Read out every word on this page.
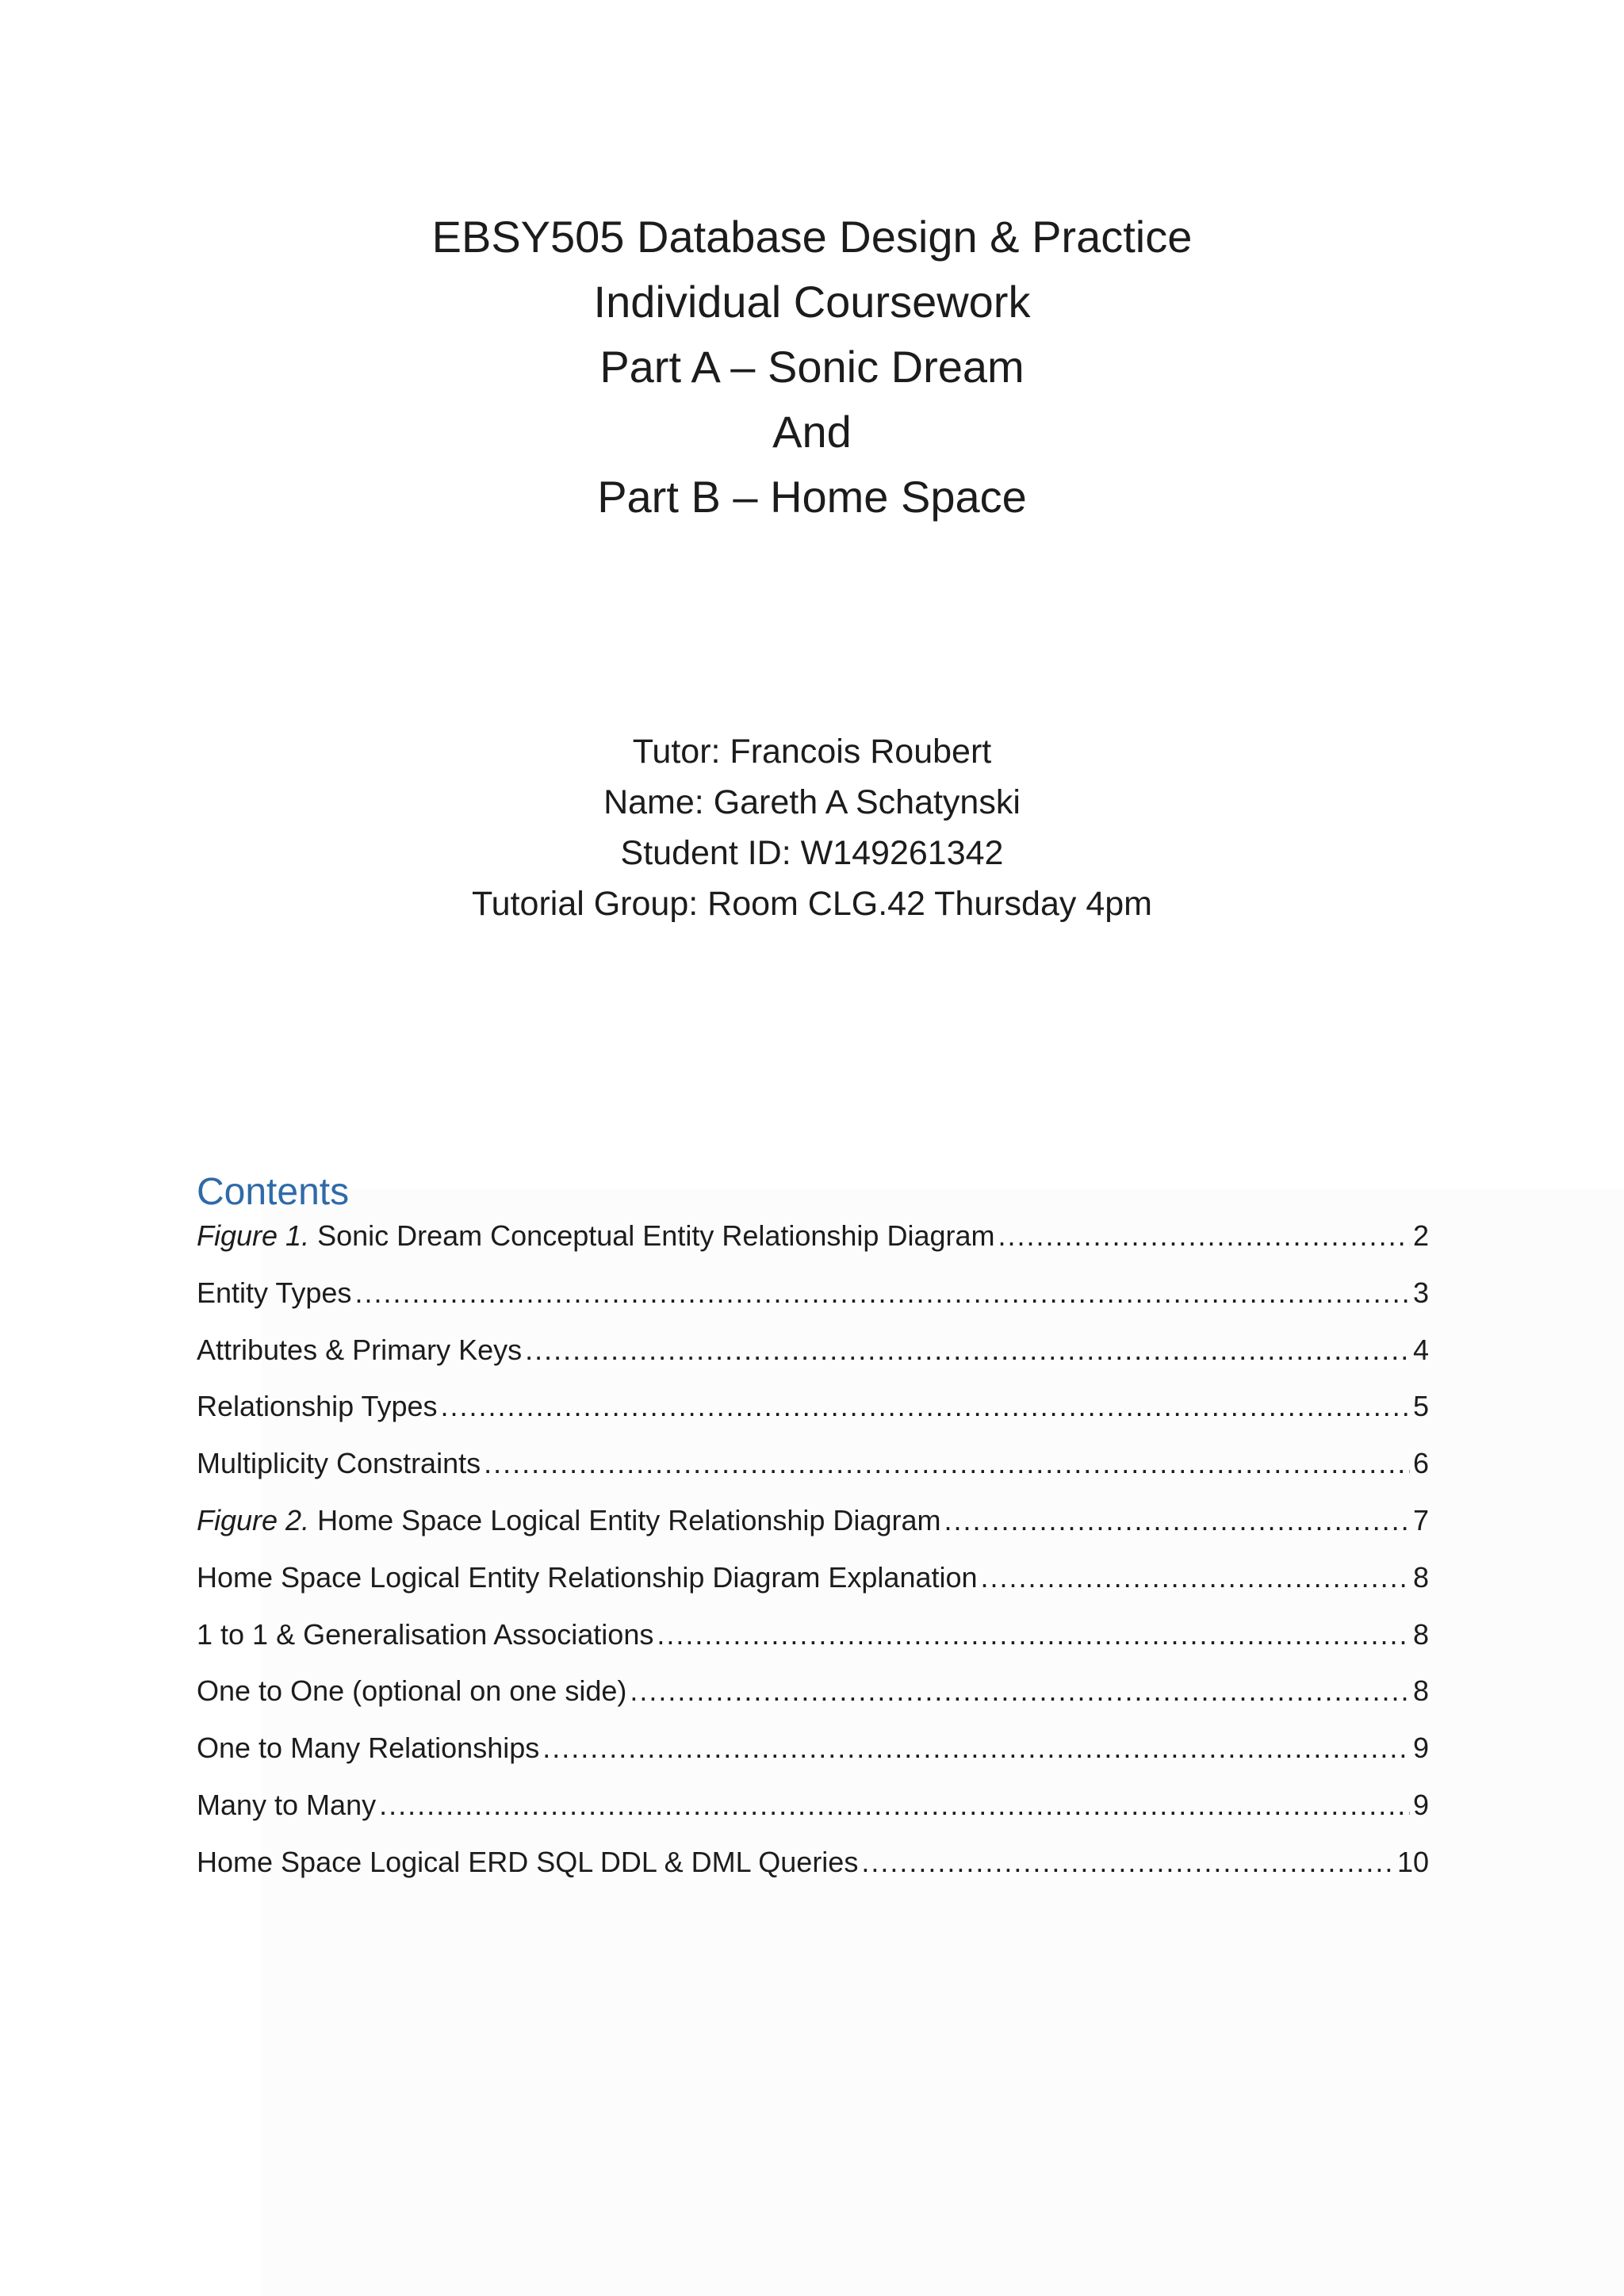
EBSY505 Database Design & Practice
Individual Coursework
Part A – Sonic Dream
And
Part B – Home Space
Tutor: Francois Roubert
Name: Gareth A Schatynski
Student ID: W149261342
Tutorial Group: Room CLG.42 Thursday 4pm
Contents
Figure 1. Sonic Dream Conceptual Entity Relationship Diagram .....	2
Entity Types .....	3
Attributes & Primary Keys .....	4
Relationship Types .....	5
Multiplicity Constraints .....	6
Figure 2. Home Space Logical Entity Relationship Diagram .....	7
Home Space Logical Entity Relationship Diagram Explanation .....	8
1 to 1 & Generalisation Associations .....	8
One to One (optional on one side) .....	8
One to Many Relationships .....	9
Many to Many .....	9
Home Space Logical ERD SQL DDL & DML Queries .....	10
